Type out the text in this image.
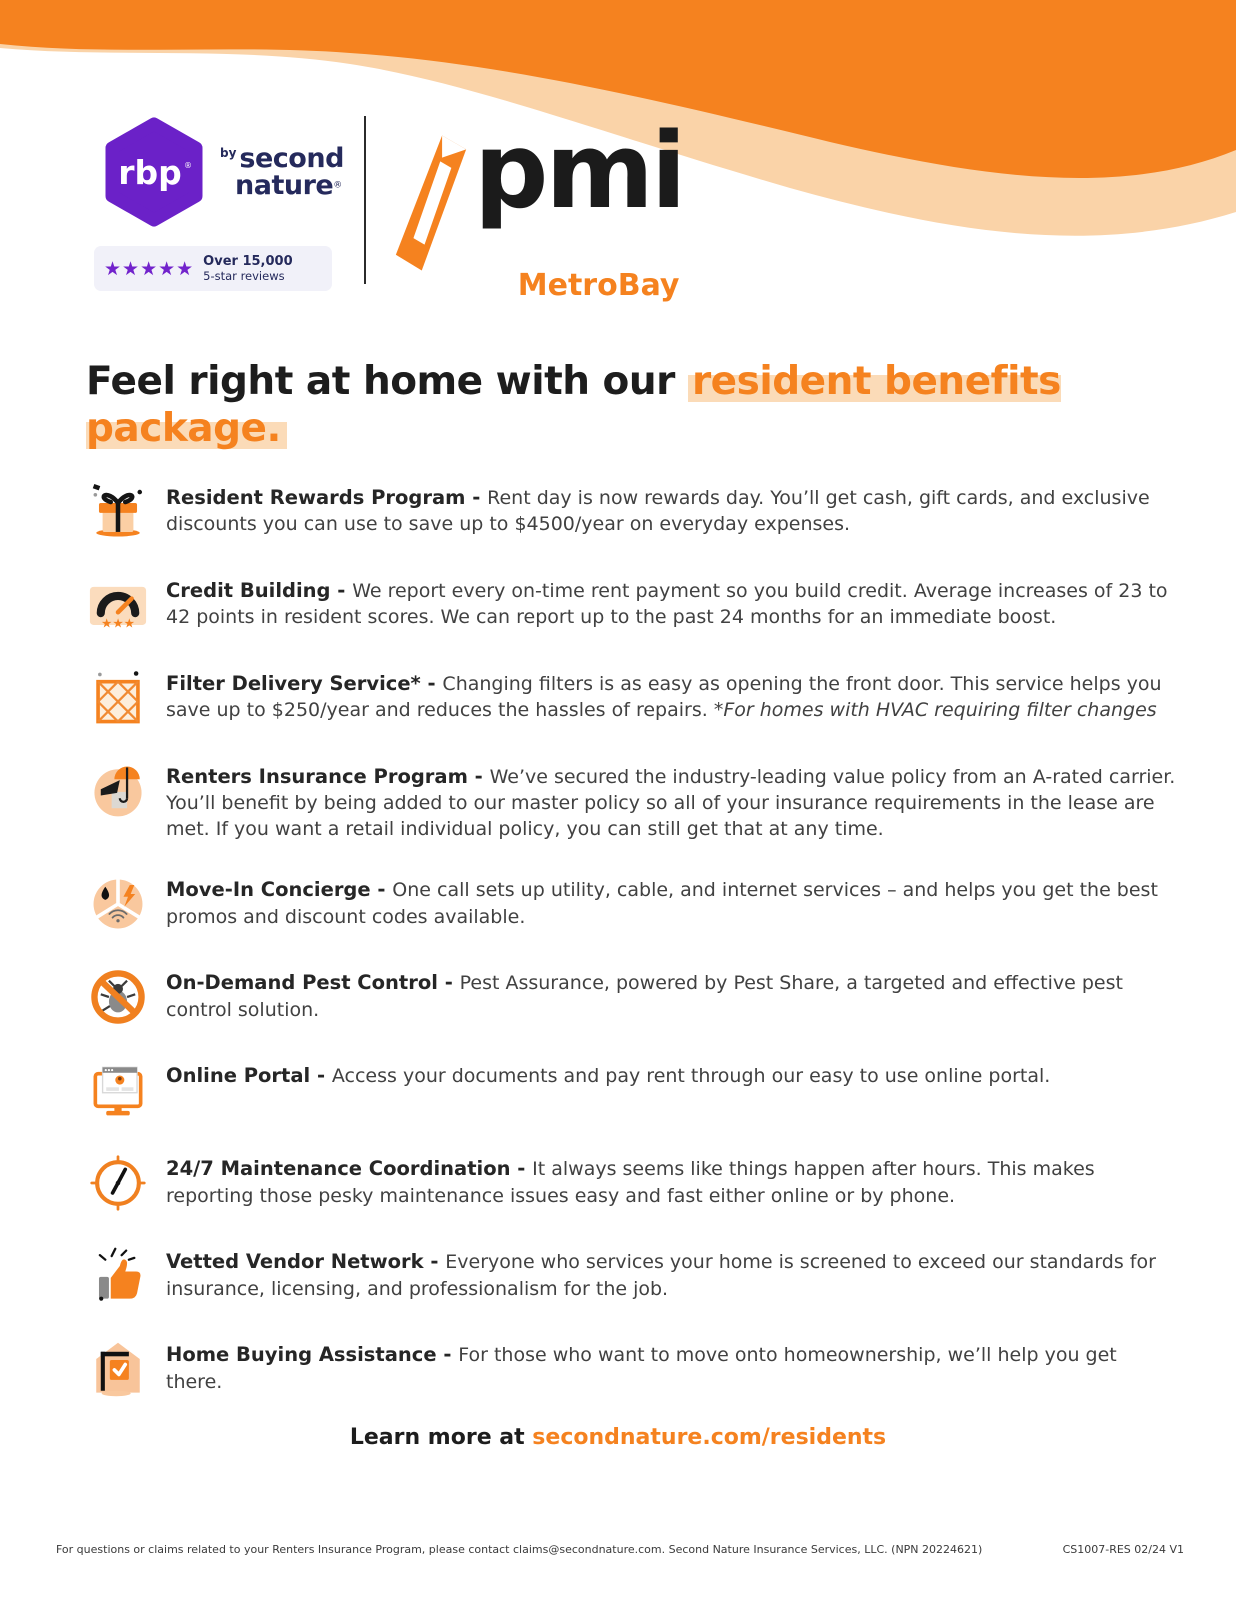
rbp ®
by second
nature®
★★★★★ Over 15,000
5-star reviews
pmi
MetroBay
Feel right at home with our resident benefits package.

Resident Rewards Program - Rent day is now rewards day. You’ll get cash, gift cards, and exclusive discounts you can use to save up to $4500/year on everyday expenses.

★★★

Credit Building - We report every on-time rent payment so you build credit. Average increases of 23 to 42 points in resident scores. We can report up to the past 24 months for an immediate boost.

Filter Delivery Service* - Changing filters is as easy as opening the front door. This service helps you save up to $250/year and reduces the hassles of repairs. *For homes with HVAC requiring filter changes

Renters Insurance Program - We’ve secured the industry-leading value policy from an A-rated carrier. You’ll benefit by being added to our master policy so all of your insurance requirements in the lease are met. If you want a retail individual policy, you can still get that at any time.

Move-In Concierge - One call sets up utility, cable, and internet services – and helps you get the best promos and discount codes available.

On-Demand Pest Control - Pest Assurance, powered by Pest Share, a targeted and effective pest control solution.

Online Portal - Access your documents and pay rent through our easy to use online portal.

24/7 Maintenance Coordination - It always seems like things happen after hours. This makes reporting those pesky maintenance issues easy and fast either online or by phone.

Vetted Vendor Network - Everyone who services your home is screened to exceed our standards for insurance, licensing, and professionalism for the job.

Home Buying Assistance - For those who want to move onto homeownership, we’ll help you get there.

Learn more at secondnature.com/residents
For questions or claims related to your Renters Insurance Program, please contact claims@secondnature.com. Second Nature Insurance Services, LLC. (NPN 20224621)	CS1007-RES 02/24 V1
